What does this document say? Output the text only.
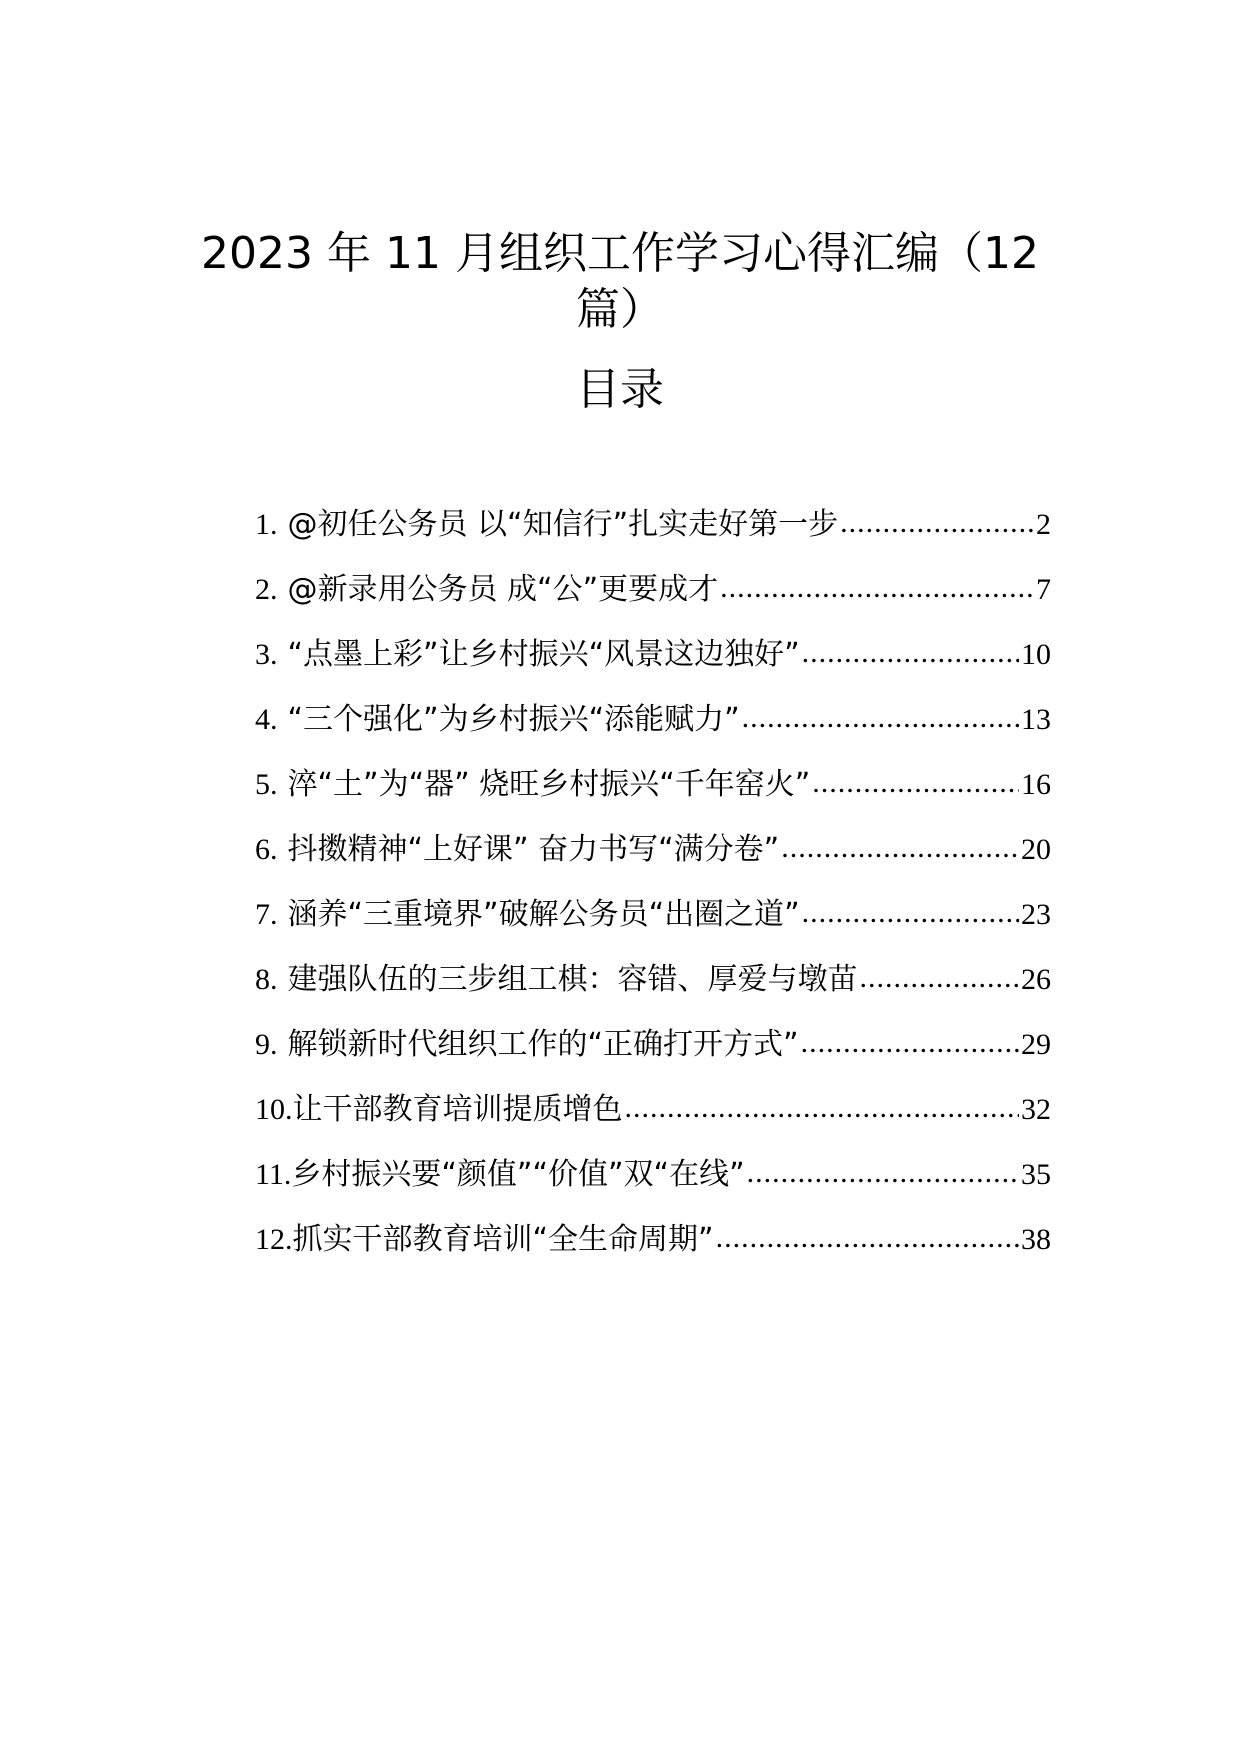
2023 年 11 月组织工作学习心得汇编（12
篇）
目录
1. @初任公务员 以“知信行”扎实走好第一步 .....	2
2. @新录用公务员 成“公”更要成才 .....	7
3. “点墨上彩”让乡村振兴“风景这边独好” .....	10
4. “三个强化”为乡村振兴“添能赋力” .....	13
5. 淬“土”为“器” 烧旺乡村振兴“千年窑火” .....	16
6. 抖擞精神“上好课” 奋力书写“满分卷” .....	20
7. 涵养“三重境界”破解公务员“出圈之道” .....	23
8. 建强队伍的三步组工棋：容错、厚爱与墩苗 .....	26
9. 解锁新时代组织工作的“正确打开方式” .....	29
10. 让干部教育培训提质增色 .....	32
11. 乡村振兴要“颜值”“价值”双“在线” .....	35
12. 抓实干部教育培训“全生命周期” .....	38
